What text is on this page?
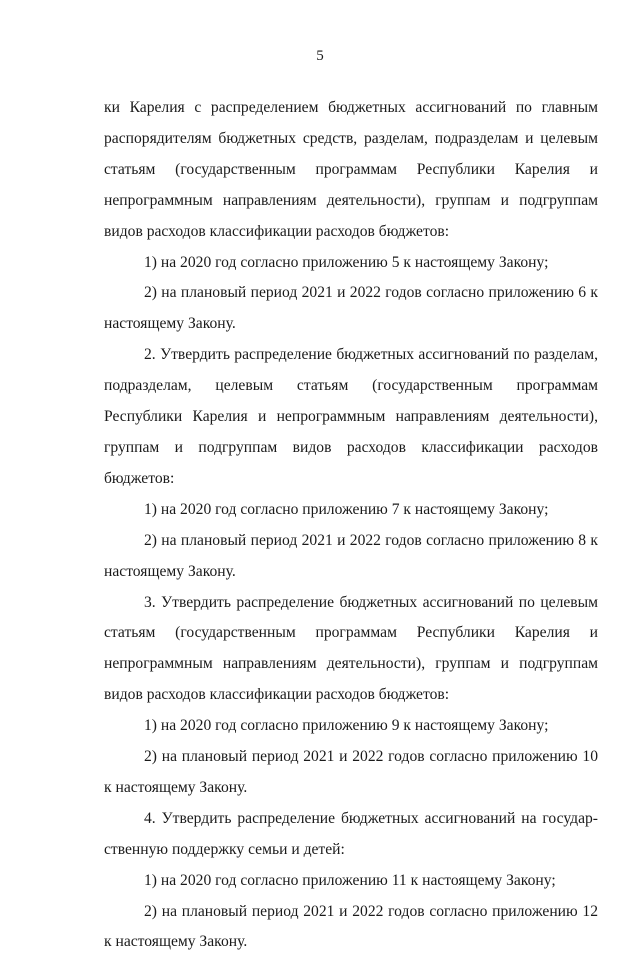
5

ки Карелия с распределением бюджетных ассигнований по главным распорядителям бюджетных средств, разделам, подразделам и целевым статьям (государственным программам Республики Карелия и непрограммным направлениям деятельности), группам и подгруппам видов расходов классификации расходов бюджетов:

1) на 2020 год согласно приложению 5 к настоящему Закону;

2) на плановый период 2021 и 2022 годов согласно приложению 6 к настоящему Закону.

2. Утвердить распределение бюджетных ассигнований по разделам, подразделам, целевым статьям (государственным программам Республики Карелия и непрограммным направлениям деятельности), группам и подгруппам видов расходов классификации расходов бюджетов:

1) на 2020 год согласно приложению 7 к настоящему Закону;

2) на плановый период 2021 и 2022 годов согласно приложению 8 к настоящему Закону.

3. Утвердить распределение бюджетных ассигнований по целевым статьям (государственным программам Республики Карелия и непрограммным направлениям деятельности), группам и подгруппам видов расходов классификации расходов бюджетов:

1) на 2020 год согласно приложению 9 к настоящему Закону;

2) на плановый период 2021 и 2022 годов согласно приложению 10 к настоящему Закону.

4. Утвердить распределение бюджетных ассигнований на государственную поддержку семьи и детей:

1) на 2020 год согласно приложению 11 к настоящему Закону;

2) на плановый период 2021 и 2022 годов согласно приложению 12 к настоящему Закону.
